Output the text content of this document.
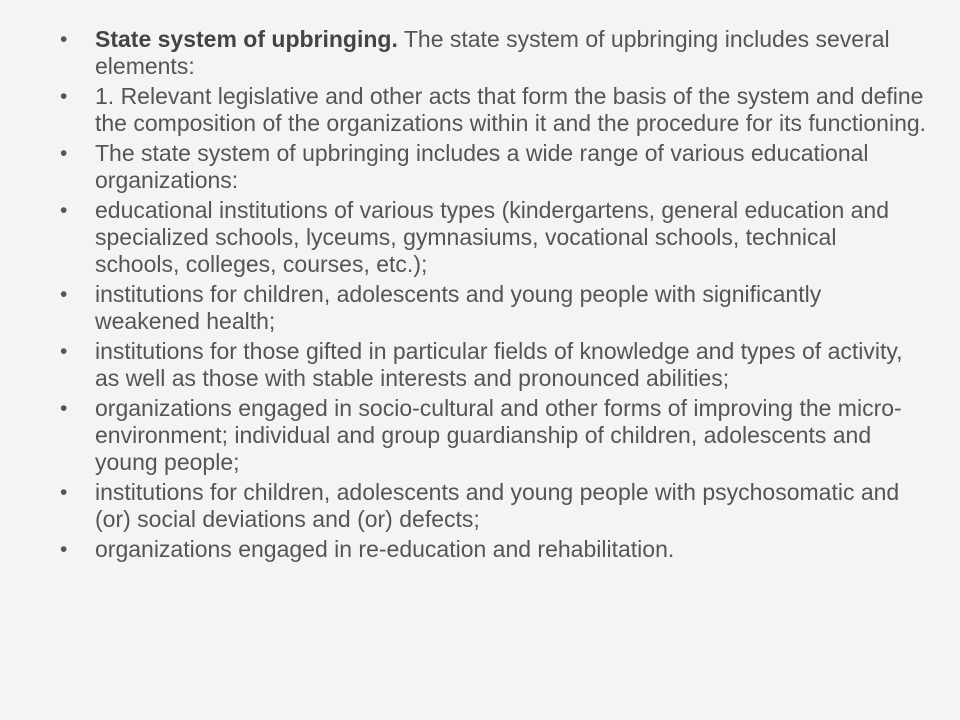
• State system of upbringing. The state system of upbringing includes several elements:
• 1. Relevant legislative and other acts that form the basis of the system and define the composition of the organizations within it and the procedure for its functioning.
• The state system of upbringing includes a wide range of various educational organizations:
• educational institutions of various types (kindergartens, general education and specialized schools, lyceums, gymnasiums, vocational schools, technical schools, colleges, courses, etc.);
• institutions for children, adolescents and young people with significantly weakened health;
• institutions for those gifted in particular fields of knowledge and types of activity, as well as those with stable interests and pronounced abilities;
• organizations engaged in socio-cultural and other forms of improving the micro-environment; individual and group guardianship of children, adolescents and young people;
• institutions for children, adolescents and young people with psychosomatic and (or) social deviations and (or) defects;
• organizations engaged in re-education and rehabilitation.
